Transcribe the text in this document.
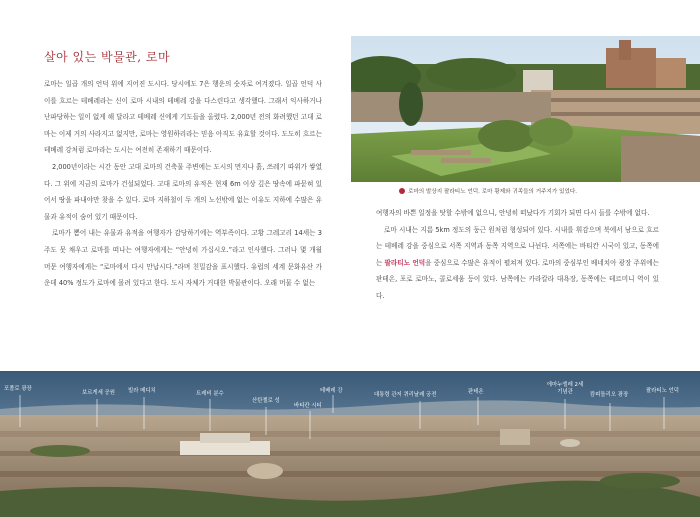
살아 있는 박물관, 로마

로마는 일곱 개의 언덕 위에 지어진 도시다. 당시에도 7은 행운의 숫자로 여겨졌다. 일곱 언덕 사이를 흐르는 테베레라는 신이 로마 시내의 테베레 강을 다스린다고 생각했다. 그래서 익사하거나 난파당하는 일이 없게 해 달라고 테베레 신에게 기도들을 올렸다. 2,000년 전의 화려했던 고대 로마는 이제 거의 사라지고 없지만, 로마는 영원하리라는 믿음 아직도 유효할 것이다. 도도히 흐르는 테베레 강처럼 로마라는 도시는 여전히 존재하기 때문이다.

2,000년이라는 시간 동안 고대 로마의 건축물 주변에는 도시의 먼지나 흙, 쓰레기 따위가 쌓였다. 그 위에 지금의 로마가 건설되었다. 고대 로마의 유적은 현재 6m 이상 깊은 땅속에 파묻혀 있어서 땅을 파내야만 찾을 수 있다. 로마 지하철이 두 개의 노선밖에 없는 이유도 지하에 수많은 유물과 유적이 숨어 있기 때문이다.

로마가 뽐어 내는 유물과 유적을 여행자가 감당하기에는 역부족이다. 고황 그레고리 14세는 3주도 못 채우고 로마를 떠나는 여행자에게는 “안녕히 가십시오.”라고 인사했다. 그러나 몇 개월 머문 여행자에게는 “로마에서 다시 만납시다.”라며 친밀감을 표시했다. 유럽의 세계 문화유산 가운데 40% 정도가 로마에 몰려 있다고 한다. 도시 자체가 거대한 박물관이다. 오래 머물 수 없는

로마의 발상지 팔라티노 언덕. 로마 황제와 귀족들의 거주지가 있었다.

여행자의 바쁜 일정을 탓할 수밖에 없으니, 안녕히 떠났다가 기회가 되면 다시 들를 수밖에 없다.

로마 시내는 지름 5km 정도의 둥근 원처럼 형성되어 있다. 시내를 휘감으며 북에서 남으로 흐르는 테베레 강을 중심으로 서쪽 지역과 동쪽 지역으로 나뉜다. 서쪽에는 바티칸 시국이 있고, 동쪽에는 팔라티노 언덕을 중심으로 수많은 유적이 펼쳐져 있다. 로마의 중심부인 베네치아 광장 주위에는 판테온, 포로 로마노, 콜로세움 등이 있다. 남쪽에는 카라칼라 대욕장, 동쪽에는 테르미니 역이 있다.

포폴로 광장
보르게세 공원 빌라 메디치	트레비 분수
산탄젤로 성
바티칸 시티
테베레 강
대통령 관저 퀴리날레 궁전	판테온
에마누엘레 2세 기념관	캄피돌리오 광장
팔라티노 언덕
